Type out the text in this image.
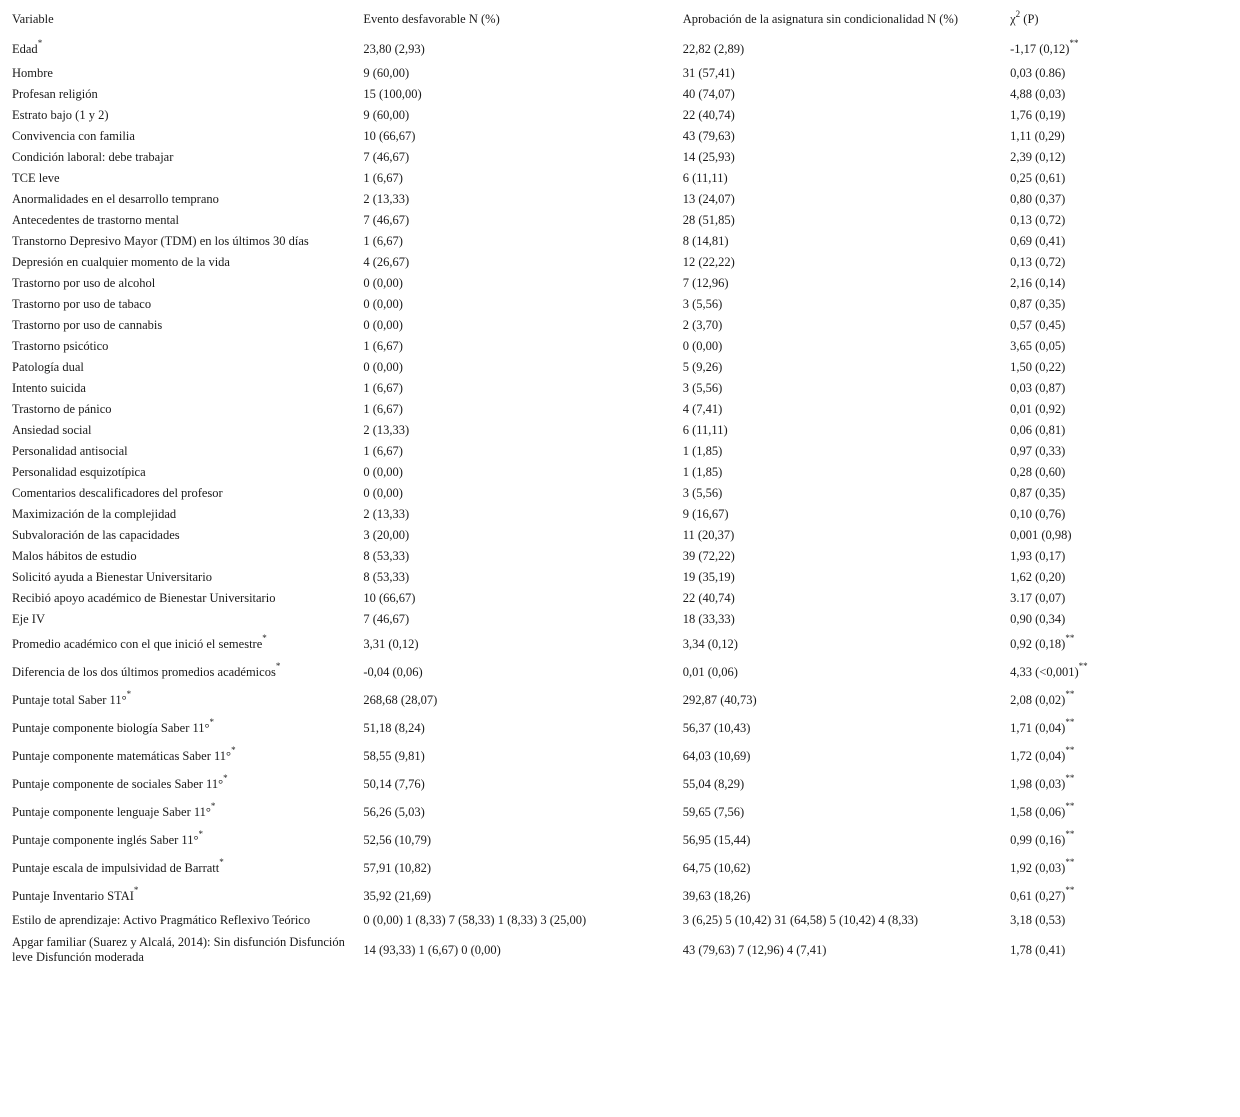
Variable	Evento desfavorable N (%)	Aprobación de la asignatura sin condicionalidad N (%)	$\chi^2$ (P)
Edad*	23,80 (2,93)	22,82 (2,89)	-1,17 (0,12)**
Hombre	9 (60,00)	31 (57,41)	0,03 (0.86)
Profesan religión	15 (100,00)	40 (74,07)	4,88 (0,03)
Estrato bajo (1 y 2)	9 (60,00)	22 (40,74)	1,76 (0,19)
Convivencia con familia	10 (66,67)	43 (79,63)	1,11 (0,29)
Condición laboral: debe trabajar	7 (46,67)	14 (25,93)	2,39 (0,12)
TCE leve	1 (6,67)	6 (11,11)	0,25 (0,61)
Anormalidades en el desarrollo temprano	2 (13,33)	13 (24,07)	0,80 (0,37)
Antecedentes de trastorno mental	7 (46,67)	28 (51,85)	0,13 (0,72)
Transtorno Depresivo Mayor (TDM) en los últimos 30 días	1 (6,67)	8 (14,81)	0,69 (0,41)
Depresión en cualquier momento de la vida	4 (26,67)	12 (22,22)	0,13 (0,72)
Trastorno por uso de alcohol	0 (0,00)	7 (12,96)	2,16 (0,14)
Trastorno por uso de tabaco	0 (0,00)	3 (5,56)	0,87 (0,35)
Trastorno por uso de cannabis	0 (0,00)	2 (3,70)	0,57 (0,45)
Trastorno psicótico	1 (6,67)	0 (0,00)	3,65 (0,05)
Patología dual	0 (0,00)	5 (9,26)	1,50 (0,22)
Intento suicida	1 (6,67)	3 (5,56)	0,03 (0,87)
Trastorno de pánico	1 (6,67)	4 (7,41)	0,01 (0,92)
Ansiedad social	2 (13,33)	6 (11,11)	0,06 (0,81)
Personalidad antisocial	1 (6,67)	1 (1,85)	0,97 (0,33)
Personalidad esquizotípica	0 (0,00)	1 (1,85)	0,28 (0,60)
Comentarios descalificadores del profesor	0 (0,00)	3 (5,56)	0,87 (0,35)
Maximización de la complejidad	2 (13,33)	9 (16,67)	0,10 (0,76)
Subvaloración de las capacidades	3 (20,00)	11 (20,37)	0,001 (0,98)
Malos hábitos de estudio	8 (53,33)	39 (72,22)	1,93 (0,17)
Solicitó ayuda a Bienestar Universitario	8 (53,33)	19 (35,19)	1,62 (0,20)
Recibió apoyo académico de Bienestar Universitario	10 (66,67)	22 (40,74)	3.17 (0,07)
Eje IV	7 (46,67)	18 (33,33)	0,90 (0,34)
Promedio académico con el que inició el semestre*	3,31 (0,12)	3,34 (0,12)	0,92 (0,18)**
Diferencia de los dos últimos promedios académicos*	-0,04 (0,06)	0,01 (0,06)	4,33 (<0,001)**
Puntaje total Saber 11°*	268,68 (28,07)	292,87 (40,73)	2,08 (0,02)**
Puntaje componente biología Saber 11°*	51,18 (8,24)	56,37 (10,43)	1,71 (0,04)**
Puntaje componente matemáticas Saber 11°*	58,55 (9,81)	64,03 (10,69)	1,72 (0,04)**
Puntaje componente de sociales Saber 11°*	50,14 (7,76)	55,04 (8,29)	1,98 (0,03)**
Puntaje componente lenguaje Saber 11°*	56,26 (5,03)	59,65 (7,56)	1,58 (0,06)**
Puntaje componente inglés Saber 11°*	52,56 (10,79)	56,95 (15,44)	0,99 (0,16)**
Puntaje escala de impulsividad de Barratt*	57,91 (10,82)	64,75 (10,62)	1,92 (0,03)**
Puntaje Inventario STAI*	35,92 (21,69)	39,63 (18,26)	0,61 (0,27)**
Estilo de aprendizaje: Activo Pragmático Reflexivo Teórico	0 (0,00) 1 (8,33) 7 (58,33) 1 (8,33) 3 (25,00)	3 (6,25) 5 (10,42) 31 (64,58) 5 (10,42) 4 (8,33)	3,18 (0,53)
Apgar familiar (Suarez y Alcalá, 2014): Sin disfunción Disfunción leve Disfunción moderada	14 (93,33) 1 (6,67) 0 (0,00)	43 (79,63) 7 (12,96) 4 (7,41)	1,78 (0,41)
